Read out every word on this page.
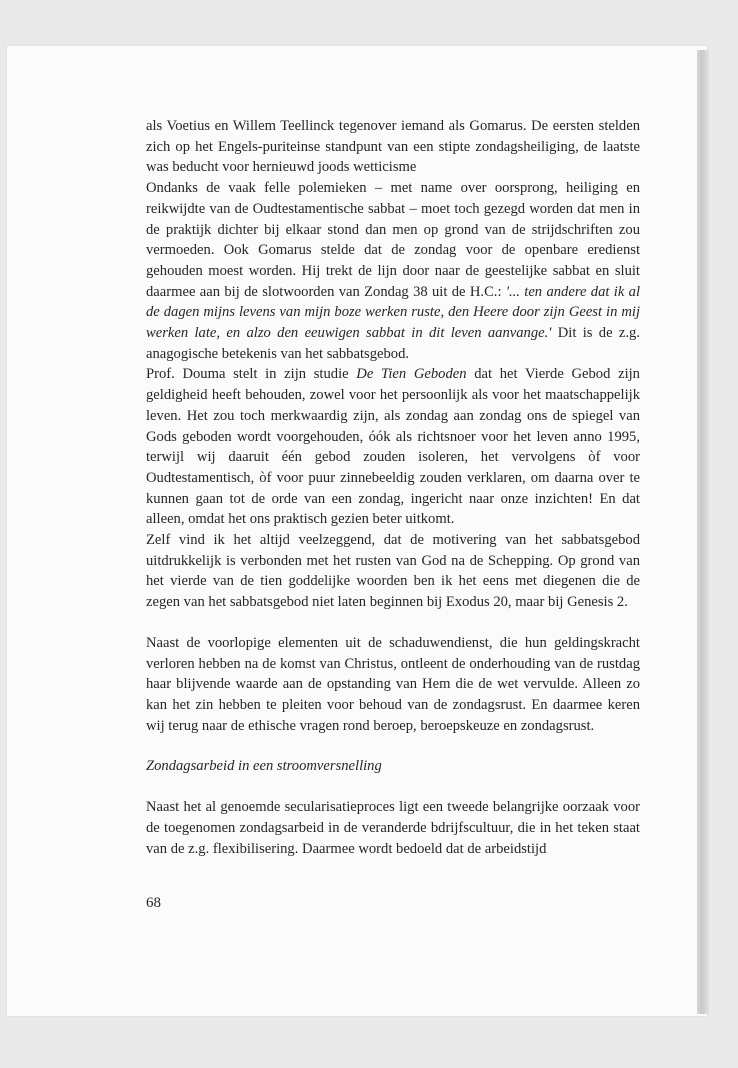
als Voetius en Willem Teellinck tegenover iemand als Gomarus. De eersten stelden zich op het Engels-puriteinse standpunt van een stipte zondagsheiliging, de laatste was beducht voor hernieuwd joods wetticisme

Ondanks de vaak felle polemieken – met name over oorsprong, heiliging en reikwijdte van de Oudtestamentische sabbat – moet toch gezegd worden dat men in de praktijk dichter bij elkaar stond dan men op grond van de strijdschriften zou vermoeden. Ook Gomarus stelde dat de zondag voor de openbare eredienst gehouden moest worden. Hij trekt de lijn door naar de geestelijke sabbat en sluit daarmee aan bij de slotwoorden van Zondag 38 uit de H.C.: '... ten andere dat ik al de dagen mijns levens van mijn boze werken ruste, den Heere door zijn Geest in mij werken late, en alzo den eeuwigen sabbat in dit leven aanvange.' Dit is de z.g. anagogische betekenis van het sabbatsgebod.

Prof. Douma stelt in zijn studie De Tien Geboden dat het Vierde Gebod zijn geldigheid heeft behouden, zowel voor het persoonlijk als voor het maatschappelijk leven. Het zou toch merkwaardig zijn, als zondag aan zondag ons de spiegel van Gods geboden wordt voorgehouden, óók als richtsnoer voor het leven anno 1995, terwijl wij daaruit één gebod zouden isoleren, het vervolgens òf voor Oudtestamentisch, òf voor puur zinnebeeldig zouden verklaren, om daarna over te kunnen gaan tot de orde van een zondag, ingericht naar onze inzichten! En dat alleen, omdat het ons praktisch gezien beter uitkomt.

Zelf vind ik het altijd veelzeggend, dat de motivering van het sabbatsgebod uitdrukkelijk is verbonden met het rusten van God na de Schepping. Op grond van het vierde van de tien goddelijke woorden ben ik het eens met diegenen die de zegen van het sabbatsgebod niet laten beginnen bij Exodus 20, maar bij Genesis 2.

Naast de voorlopige elementen uit de schaduwendienst, die hun geldingskracht verloren hebben na de komst van Christus, ontleent de onderhouding van de rustdag haar blijvende waarde aan de opstanding van Hem die de wet vervulde. Alleen zo kan het zin hebben te pleiten voor behoud van de zondagsrust. En daarmee keren wij terug naar de ethische vragen rond beroep, beroepskeuze en zondagsrust.

Zondagsarbeid in een stroomversnelling

Naast het al genoemde secularisatieproces ligt een tweede belangrijke oorzaak voor de toegenomen zondagsarbeid in de veranderde bdrijfscultuur, die in het teken staat van de z.g. flexibilisering. Daarmee wordt bedoeld dat de arbeidstijd

68
